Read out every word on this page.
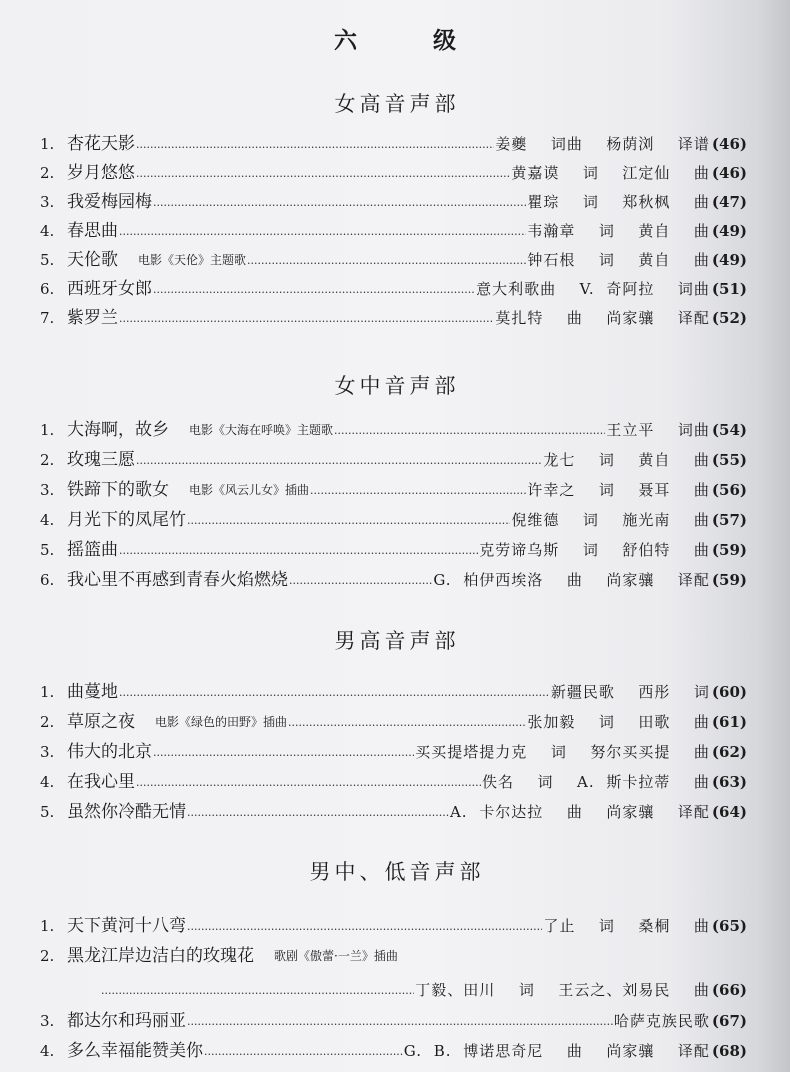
六 级
女高音声部
1. 杏花天影 ·····	姜夔  词曲  杨荫浏  译谱 (46)
2. 岁月悠悠 ·····	黄嘉谟  词  江定仙  曲 (46)
3. 我爱梅园梅 ·····	瞿琮  词  郑秋枫  曲 (47)
4. 春思曲 ·····	韦瀚章  词  黄自  曲 (49)
5. 天伦歌 电影《天伦》主题歌 ·····	钟石根  词  黄自  曲 (49)
6. 西班牙女郎 ·····	意大利歌曲  V. 奇阿拉  词曲 (51)
7. 紫罗兰 ·····	莫扎特  曲  尚家骧  译配 (52)
女中音声部
1. 大海啊，故乡 电影《大海在呼唤》主题歌 ·····	王立平  词曲 (54)
2. 玫瑰三愿 ·····	龙七  词  黄自  曲 (55)
3. 铁蹄下的歌女 电影《风云儿女》插曲 ·····	许幸之  词  聂耳  曲 (56)
4. 月光下的凤尾竹 ·····	倪维德  词  施光南  曲 (57)
5. 摇篮曲 ·····	克劳谛乌斯  词  舒伯特  曲 (59)
6. 我心里不再感到青春火焰燃烧 ·····	G. 柏伊西埃洛  曲  尚家骧  译配 (59)
男高音声部
1. 曲蔓地 ·····	新疆民歌  西彤  词 (60)
2. 草原之夜 电影《绿色的田野》插曲 ·····	张加毅  词  田歌  曲 (61)
3. 伟大的北京 ·····	买买提塔提力克  词  努尔买买提  曲 (62)
4. 在我心里 ·····	佚名  词  A. 斯卡拉蒂  曲 (63)
5. 虽然你冷酷无情 ·····	A. 卡尔达拉  曲  尚家骧  译配 (64)
男中、低音声部
1. 天下黄河十八弯 ·····	了止  词  桑桐  曲 (65)
2. 黑龙江岸边洁白的玫瑰花 歌剧《傲蕾·一兰》插曲
·····
丁毅、田川  词  王云之、刘易民  曲 (66)
3. 都达尔和玛丽亚 ·····	哈萨克族民歌 (67)
4. 多么幸福能赞美你 ·····	G. B. 博诺思奇尼  曲  尚家骧  译配 (68)
